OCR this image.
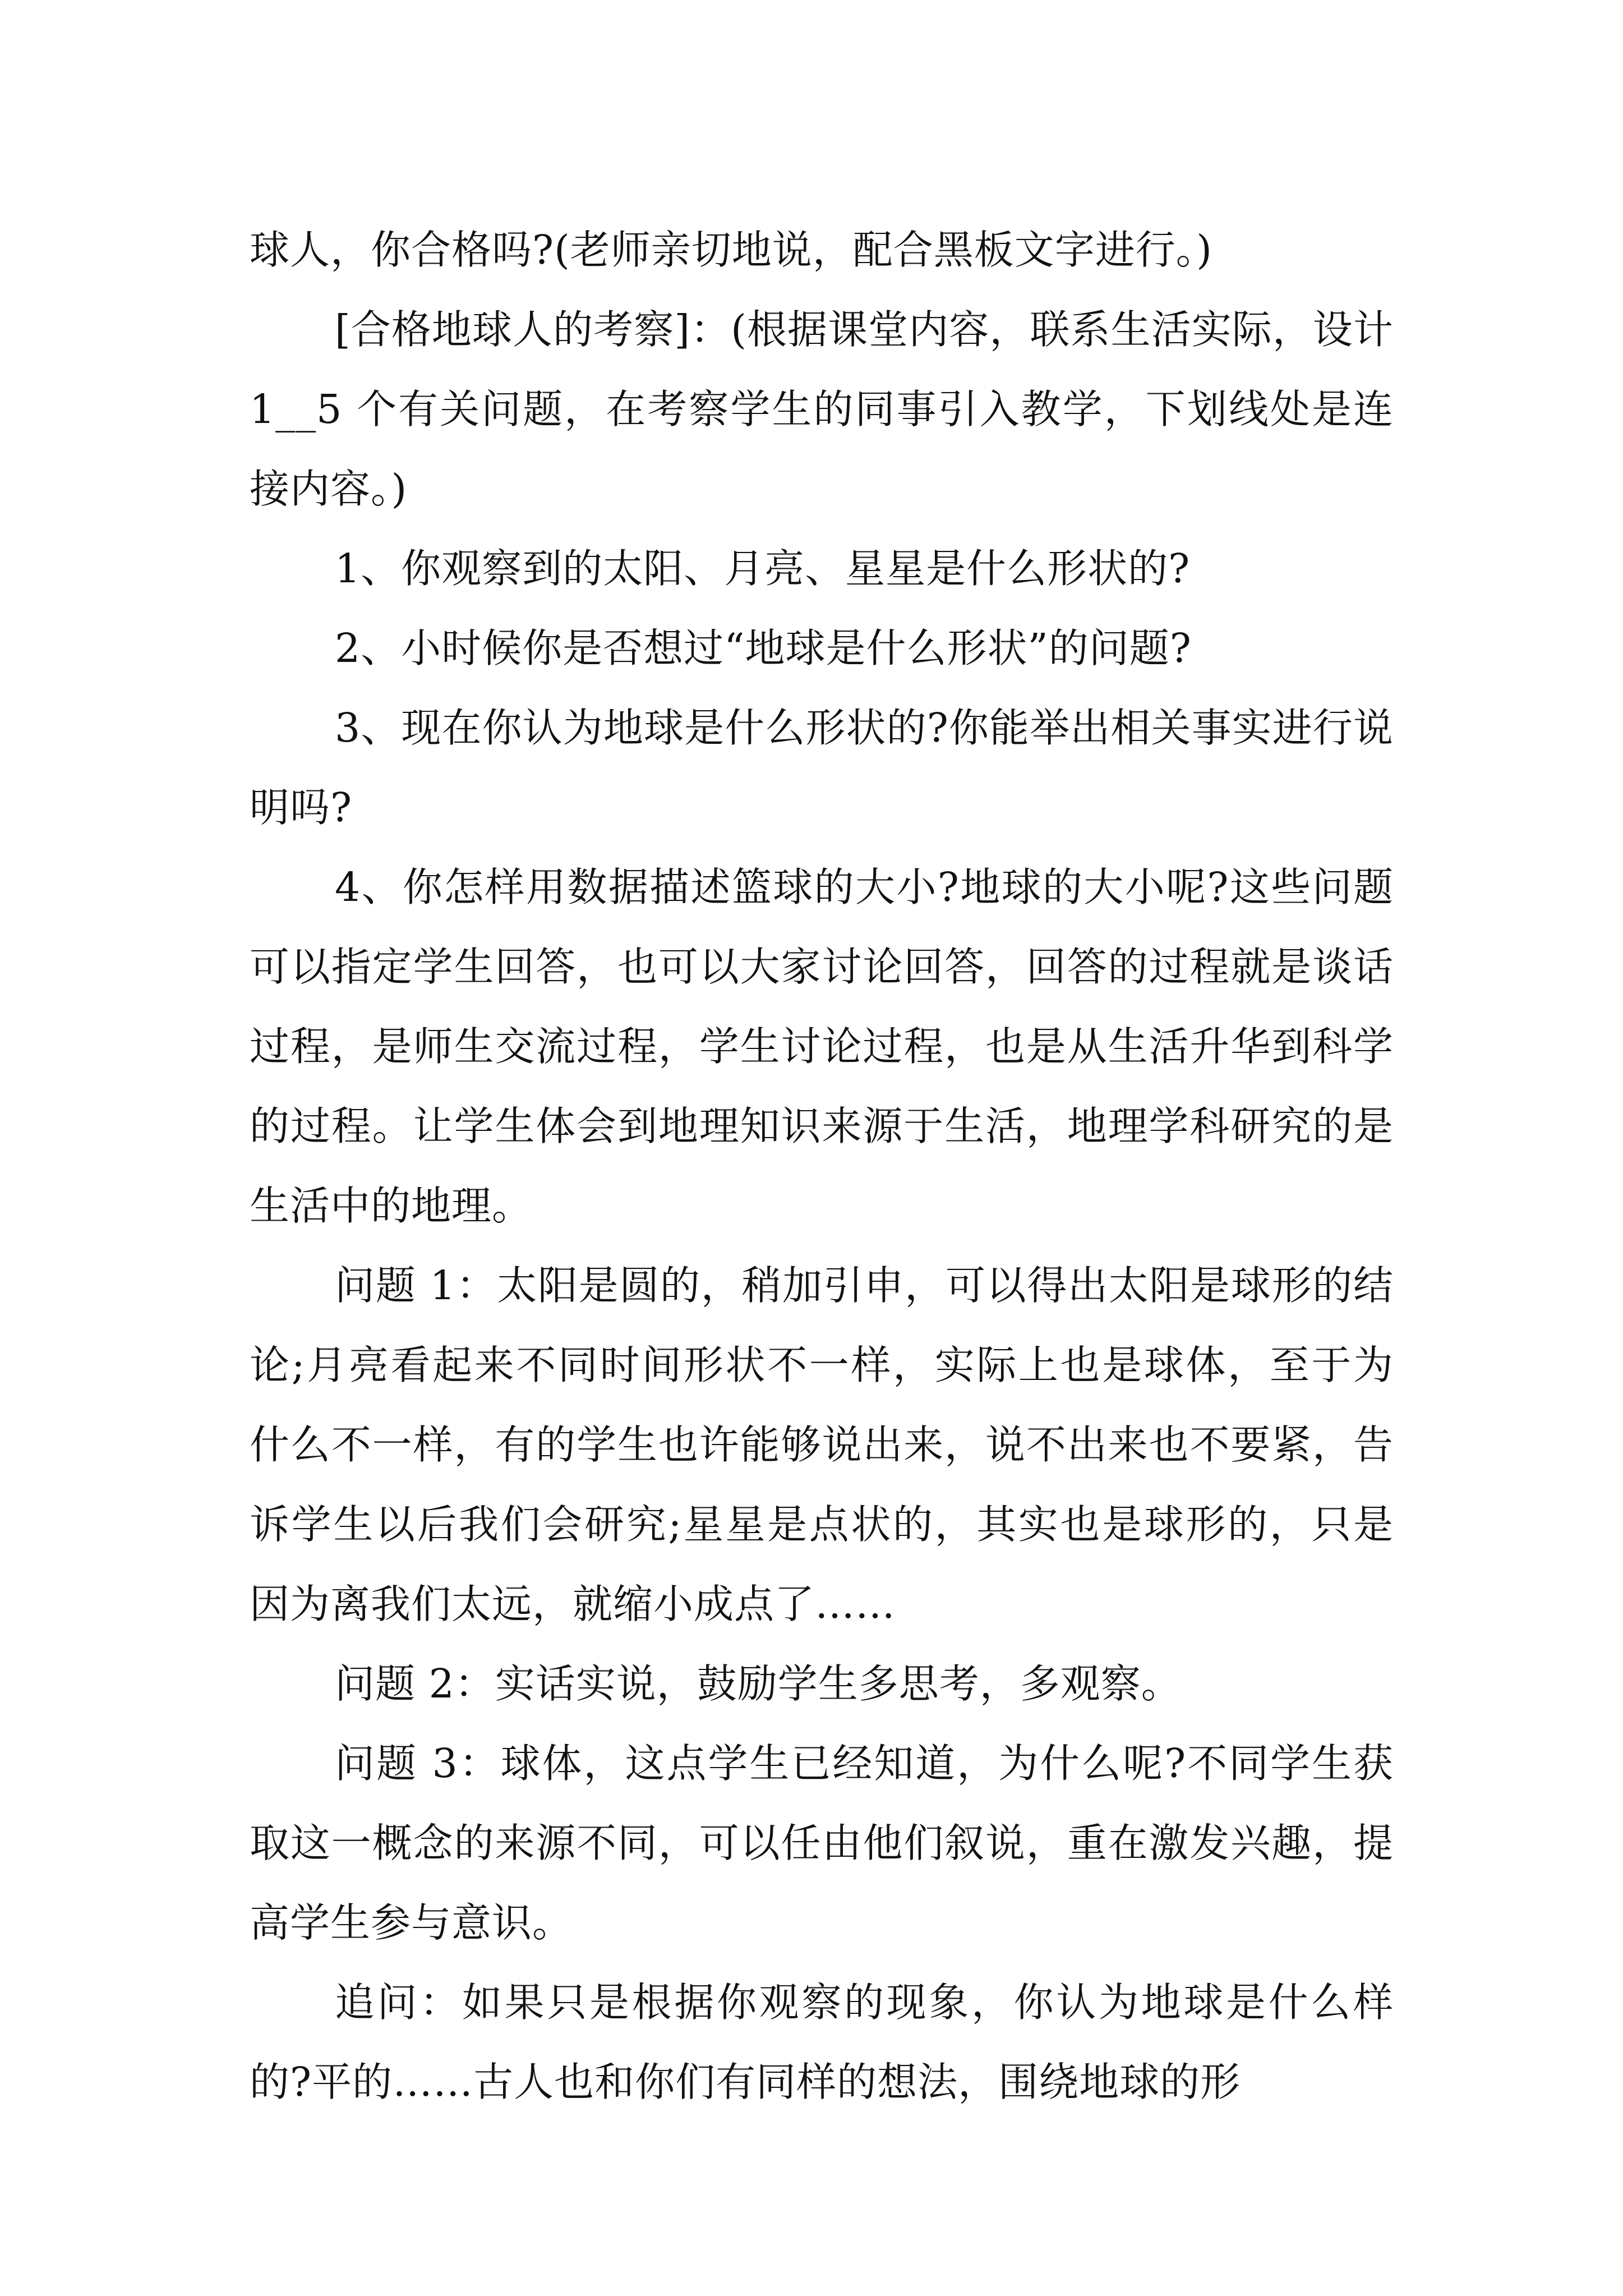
球人，你合格吗?(老师亲切地说，配合黑板文字进行。)

[合格地球人的考察]：(根据课堂内容，联系生活实际，设计 1__5 个有关问题，在考察学生的同事引入教学，下划线处是连接内容。)

1、你观察到的太阳、月亮、星星是什么形状的?

2、小时候你是否想过“地球是什么形状”的问题?

3、现在你认为地球是什么形状的?你能举出相关事实进行说明吗?

4、你怎样用数据描述篮球的大小?地球的大小呢?这些问题可以指定学生回答，也可以大家讨论回答，回答的过程就是谈话过程，是师生交流过程，学生讨论过程，也是从生活升华到科学的过程。让学生体会到地理知识来源于生活，地理学科研究的是生活中的地理。

问题 1：太阳是圆的，稍加引申，可以得出太阳是球形的结论;月亮看起来不同时间形状不一样，实际上也是球体，至于为什么不一样，有的学生也许能够说出来，说不出来也不要紧，告诉学生以后我们会研究;星星是点状的，其实也是球形的，只是因为离我们太远，就缩小成点了……

问题 2：实话实说，鼓励学生多思考，多观察。

问题 3：球体，这点学生已经知道，为什么呢?不同学生获取这一概念的来源不同，可以任由他们叙说，重在激发兴趣，提高学生参与意识。

追问：如果只是根据你观察的现象，你认为地球是什么样的?平的……古人也和你们有同样的想法，围绕地球的形
